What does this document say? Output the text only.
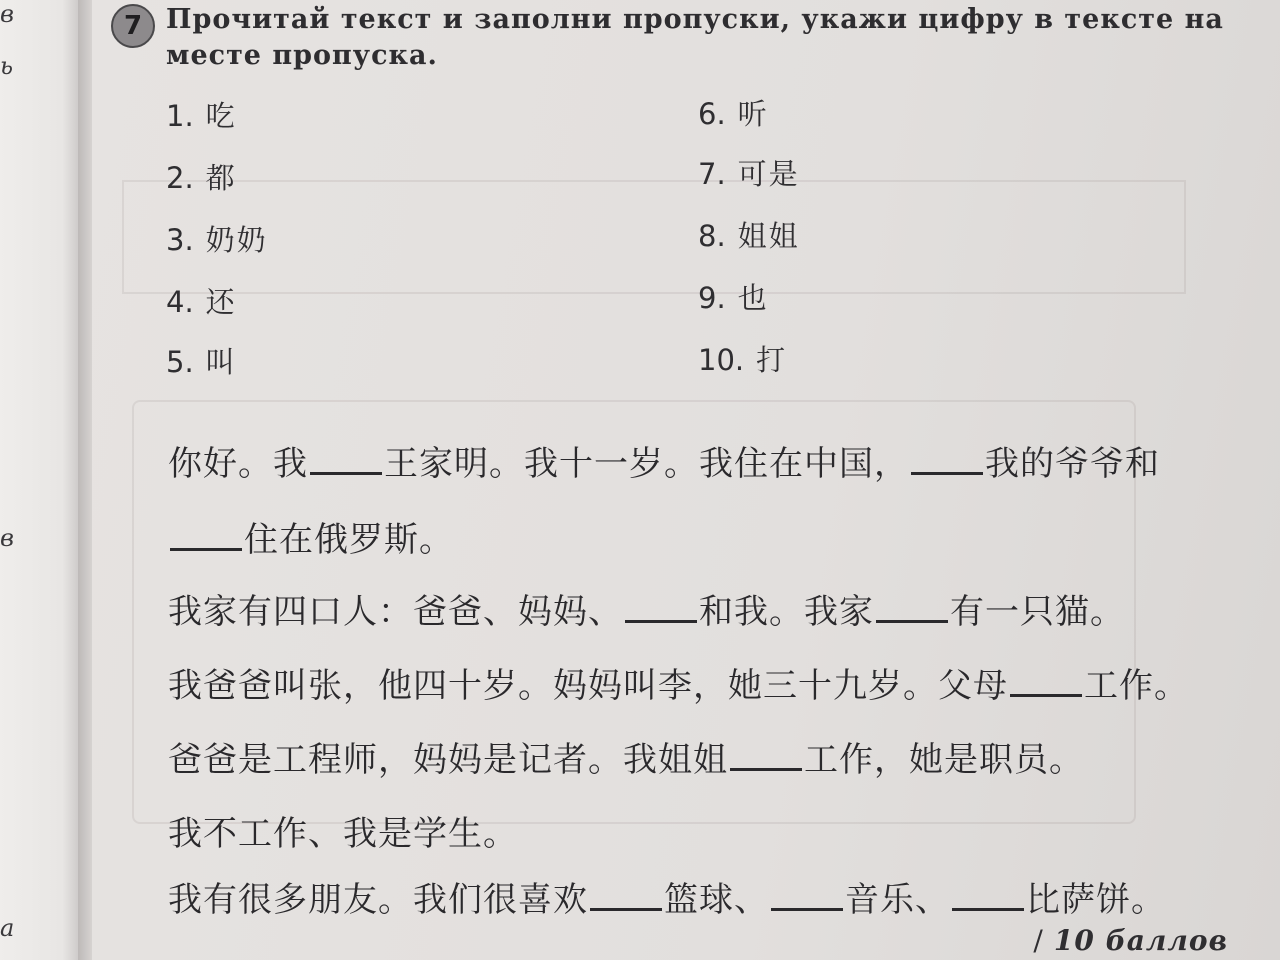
в
ь
в
а
7 Прочитай текст и заполни пропуски, укажи цифру в тексте на месте пропуска.
1. 吃
2. 都
3. 奶奶
4. 还
5. 叫
6. 听
7. 可是
8. 姐姐
9. 也
10. 打
你好。我 王家明。我十一岁。我住在中国， 我的爷爷和
住在俄罗斯。
我家有四口人：爸爸、妈妈、 和我。我家 有一只猫。
我爸爸叫张，他四十岁。妈妈叫李，她三十九岁。父母 工作。
爸爸是工程师，妈妈是记者。我姐姐 工作，她是职员。
我不工作、我是学生。
我有很多朋友。我们很喜欢 篮球、 音乐、 比萨饼。
/ 10 баллов
